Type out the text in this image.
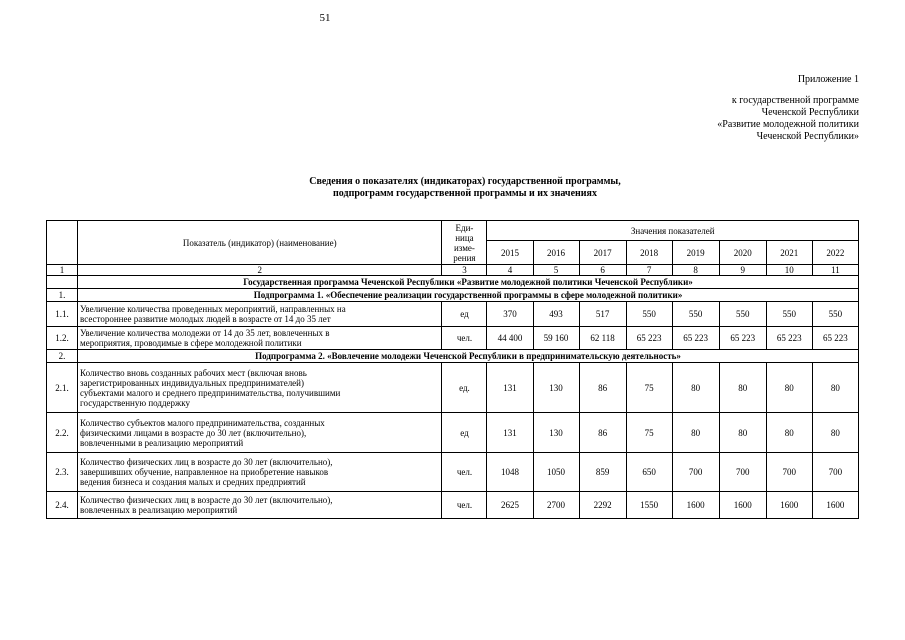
51
Приложение 1
к государственной программе
Чеченской Республики
«Развитие молодежной политики
Чеченской Республики»
Сведения о показателях (индикаторах) государственной программы,
подпрограмм государственной программы и их значениях
	Показатель (индикатор) (наименование)	Еди-
ница
изме-
рения	Значения показателей							
			2015	2016	2017	2018	2019	2020	2021	2022
1	2	3	4	5	6	7	8	9	10	11
	Государственная программа Чеченской Республики «Развитие молодежной политики Чеченской Республики»									
1.	Подпрограмма 1. «Обеспечение реализации государственной программы в сфере молодежной политики»									
1.1.	Увеличение количества проведенных мероприятий, направленных на
всестороннее развитие молодых людей в возрасте от 14 до 35 лет	ед	370	493	517	550	550	550	550	550
1.2.	Увеличение количества молодежи от 14 до 35 лет, вовлеченных в
мероприятия, проводимые в сфере молодежной политики	чел.	44 400	59 160	62 118	65 223	65 223	65 223	65 223	65 223
2.	Подпрограмма 2. «Вовлечение молодежи Чеченской Республики в предпринимательскую деятельность»									
2.1.	Количество вновь созданных рабочих мест (включая вновь
зарегистрированных индивидуальных предпринимателей)
субъектами малого и среднего предпринимательства, получившими
государственную поддержку	ед.	131	130	86	75	80	80	80	80
2.2.	Количество субъектов малого предпринимательства, созданных
физическими лицами в возрасте до 30 лет (включительно),
вовлеченными в реализацию мероприятий	ед	131	130	86	75	80	80	80	80
2.3.	Количество физических лиц в возрасте до 30 лет (включительно),
завершивших обучение, направленное на приобретение навыков
ведения бизнеса и создания малых и средних предприятий	чел.	1048	1050	859	650	700	700	700	700
2.4.	Количество физических лиц в возрасте до 30 лет (включительно),
вовлеченных в реализацию мероприятий	чел.	2625	2700	2292	1550	1600	1600	1600	1600
